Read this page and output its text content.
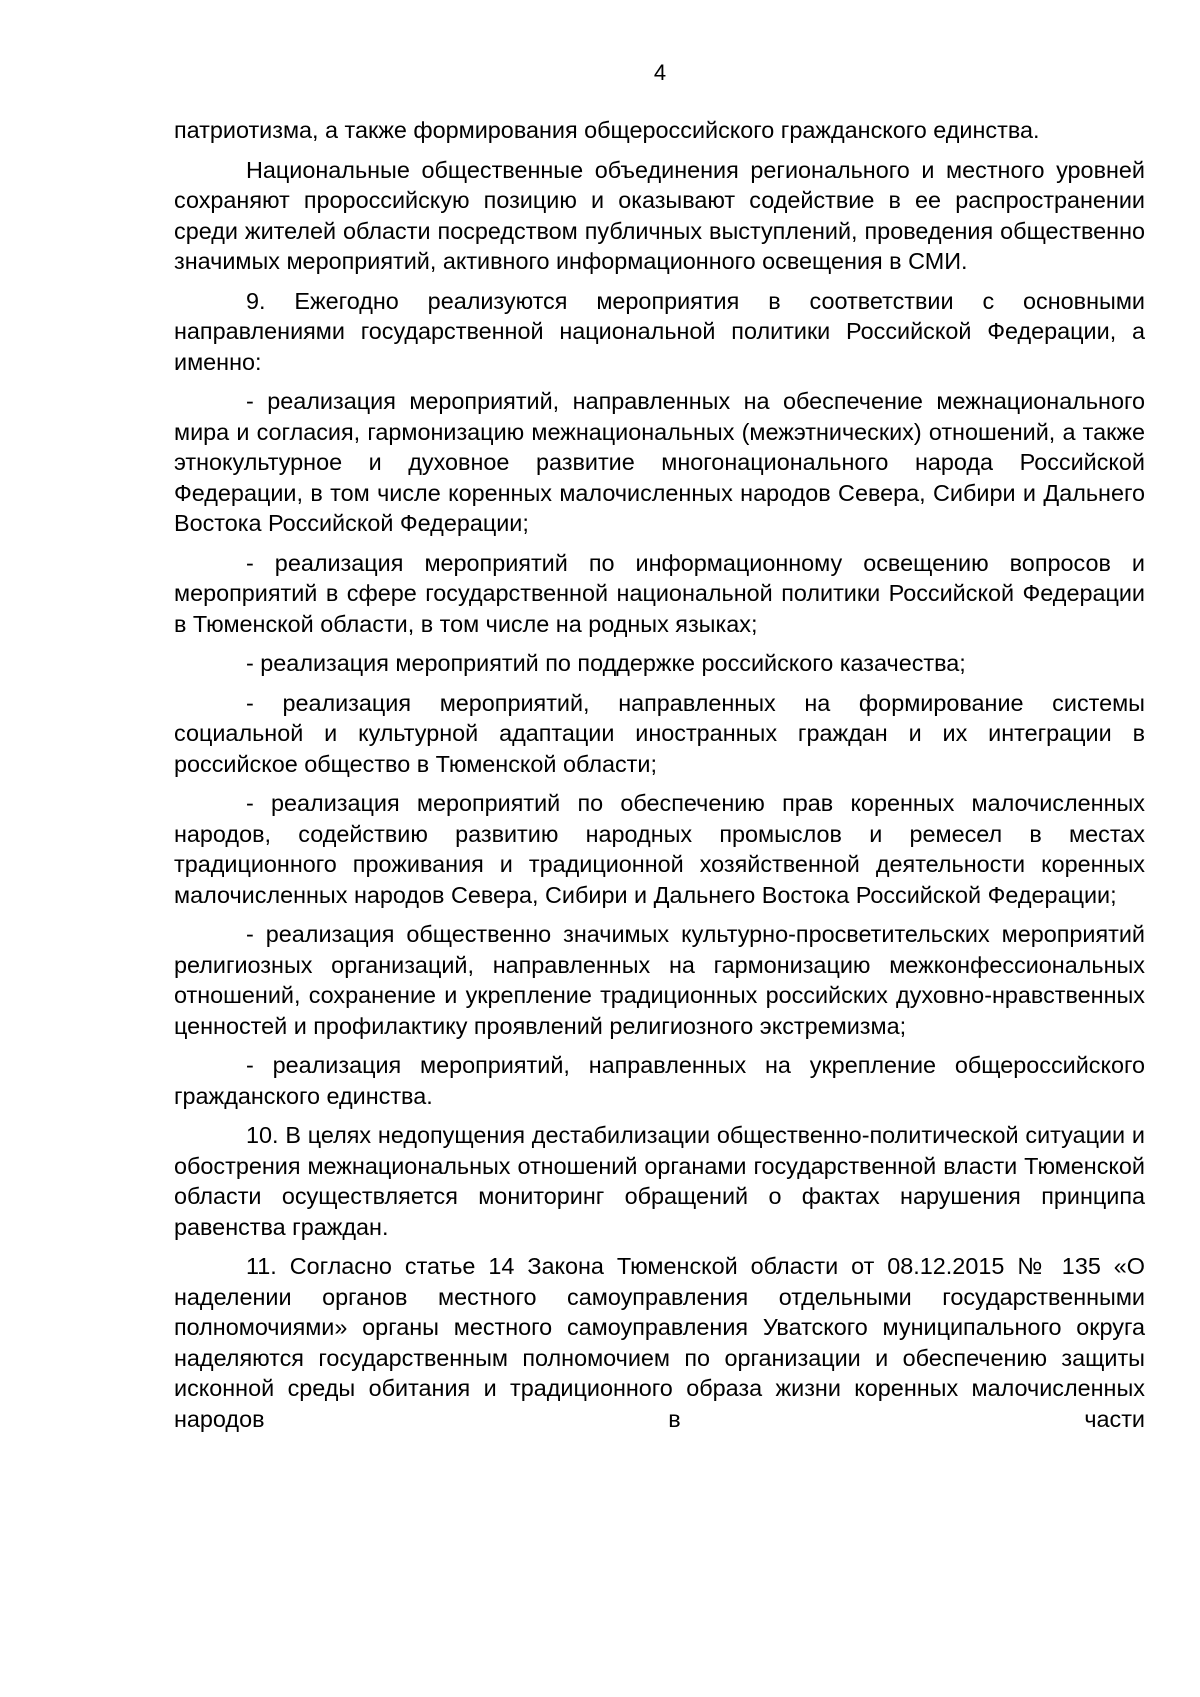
4

патриотизма, а также формирования общероссийского гражданского единства.

Национальные общественные объединения регионального и местного уровней сохраняют пророссийскую позицию и оказывают содействие в ее распространении среди жителей области посредством публичных выступлений, проведения общественно значимых мероприятий, активного информационного освещения в СМИ.

9. Ежегодно реализуются мероприятия в соответствии с основными направлениями государственной национальной политики Российской Федерации, а именно:

- реализация мероприятий, направленных на обеспечение межнационального мира и согласия, гармонизацию межнациональных (межэтнических) отношений, а также этнокультурное и духовное развитие многонационального народа Российской Федерации, в том числе коренных малочисленных народов Севера, Сибири и Дальнего Востока Российской Федерации;

- реализация мероприятий по информационному освещению вопросов и мероприятий в сфере государственной национальной политики Российской Федерации в Тюменской области, в том числе на родных языках;

- реализация мероприятий по поддержке российского казачества;

- реализация мероприятий, направленных на формирование системы социальной и культурной адаптации иностранных граждан и их интеграции в российское общество в Тюменской области;

- реализация мероприятий по обеспечению прав коренных малочисленных народов, содействию развитию народных промыслов и ремесел в местах традиционного проживания и традиционной хозяйственной деятельности коренных малочисленных народов Севера, Сибири и Дальнего Востока Российской Федерации;

- реализация общественно значимых культурно-просветительских мероприятий религиозных организаций, направленных на гармонизацию межконфессиональных отношений, сохранение и укрепление традиционных российских духовно-нравственных ценностей и профилактику проявлений религиозного экстремизма;

- реализация мероприятий, направленных на укрепление общероссийского гражданского единства.

10. В целях недопущения дестабилизации общественно-политической ситуации и обострения межнациональных отношений органами государственной власти Тюменской области осуществляется мониторинг обращений о фактах нарушения принципа равенства граждан.

11. Согласно статье 14 Закона Тюменской области от 08.12.2015 № 135 «О наделении органов местного самоуправления отдельными государственными полномочиями» органы местного самоуправления Уватского муниципального округа наделяются государственным полномочием по организации и обеспечению защиты исконной среды обитания и традиционного образа жизни коренных малочисленных народов в части
